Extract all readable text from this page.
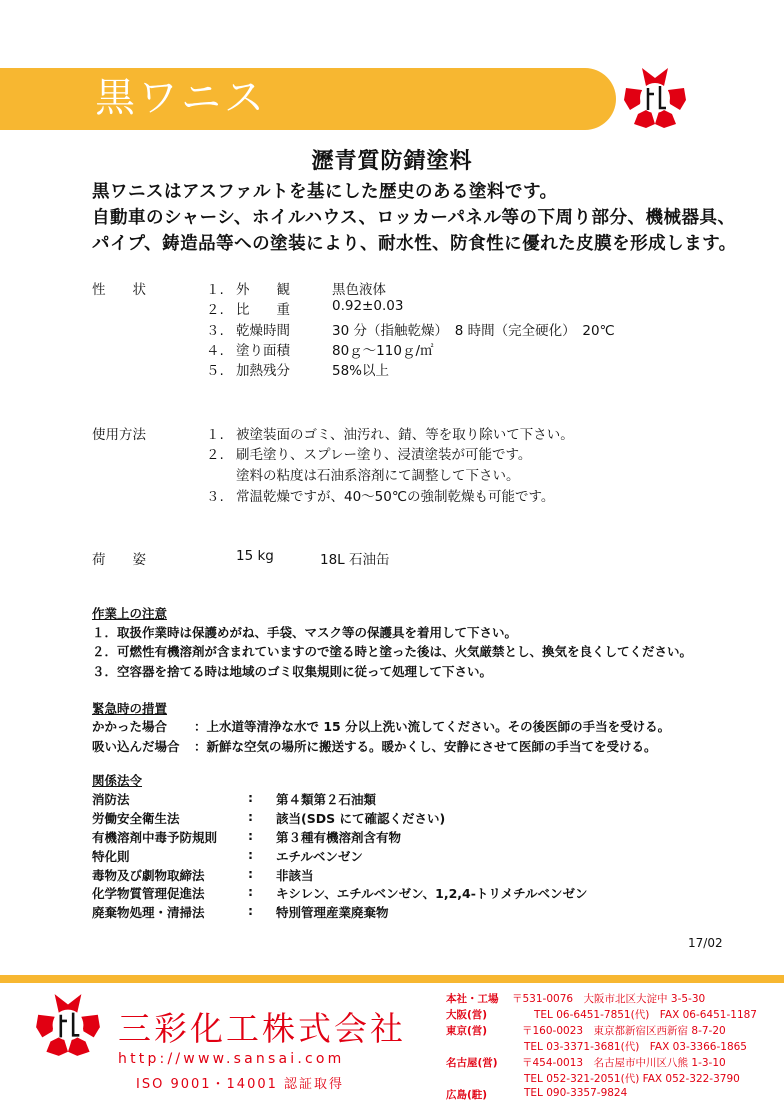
黒ワニス
瀝青質防錆塗料
黒ワニスはアスファルトを基にした歴史のある塗料です。
自動車のシャーシ、ホイルハウス、ロッカーパネル等の下周り部分、機械器具、
パイプ、鋳造品等への塗装により、耐水性、防食性に優れた皮膜を形成します。
性　　状	１. 外　　観	黒色液体
２. 比　　重	0.92±0.03
３. 乾燥時間	30 分（指触乾燥）　8 時間（完全硬化）　20℃
４. 塗り面積	80ｇ～110ｇ/㎡
５. 加熱残分	58%以上
使用方法	１. 被塗装面のゴミ、油汚れ、錆、等を取り除いて下さい。
２. 刷毛塗り、スプレー塗り、浸漬塗装が可能です。
塗料の粘度は石油系溶剤にて調整して下さい。
３. 常温乾燥ですが、40～50℃の強制乾燥も可能です。
荷　　姿	15 kg	18L 石油缶
作業上の注意
１．取扱作業時は保護めがね、手袋、マスク等の保護具を着用して下さい。
２．可燃性有機溶剤が含まれていますので塗る時と塗った後は、火気厳禁とし、換気を良くしてください。
３．空容器を捨てる時は地域のゴミ収集規則に従って処理して下さい。
緊急時の措置
かかった場合 ：上水道等清浄な水で 15 分以上洗い流してください。その後医師の手当を受ける。
吸い込んだ場合 ：新鮮な空気の場所に搬送する。暖かくし、安静にさせて医師の手当てを受ける。
関係法令
消防法	: 第４類第２石油類
労働安全衛生法	: 該当(SDS にて確認ください)
有機溶剤中毒予防規則 : 第３種有機溶剤含有物
特化則	: エチルベンゼン
毒物及び劇物取締法	: 非該当
化学物質管理促進法	: キシレン、エチルベンゼン、1,2,4-トリメチルベンゼン
廃棄物処理・清掃法	: 特別管理産業廃棄物
17/02
三彩化工株式会社
http://www.sansai.com
ISO 9001・14001 認証取得
本社・工場 〒531-0076　大阪市北区大淀中 3-5-30
大阪(営)	TEL 06-6451-7851(代)　FAX 06-6451-1187
東京(営)	〒160-0023　東京都新宿区西新宿 8-7-20
TEL 03-3371-3681(代)　FAX 03-3366-1865
名古屋(営) 〒454-0013　名古屋市中川区八熊 1-3-10
TEL 052-321-2051(代) FAX 052-322-3790
広島(駐)	TEL 090-3357-9824
